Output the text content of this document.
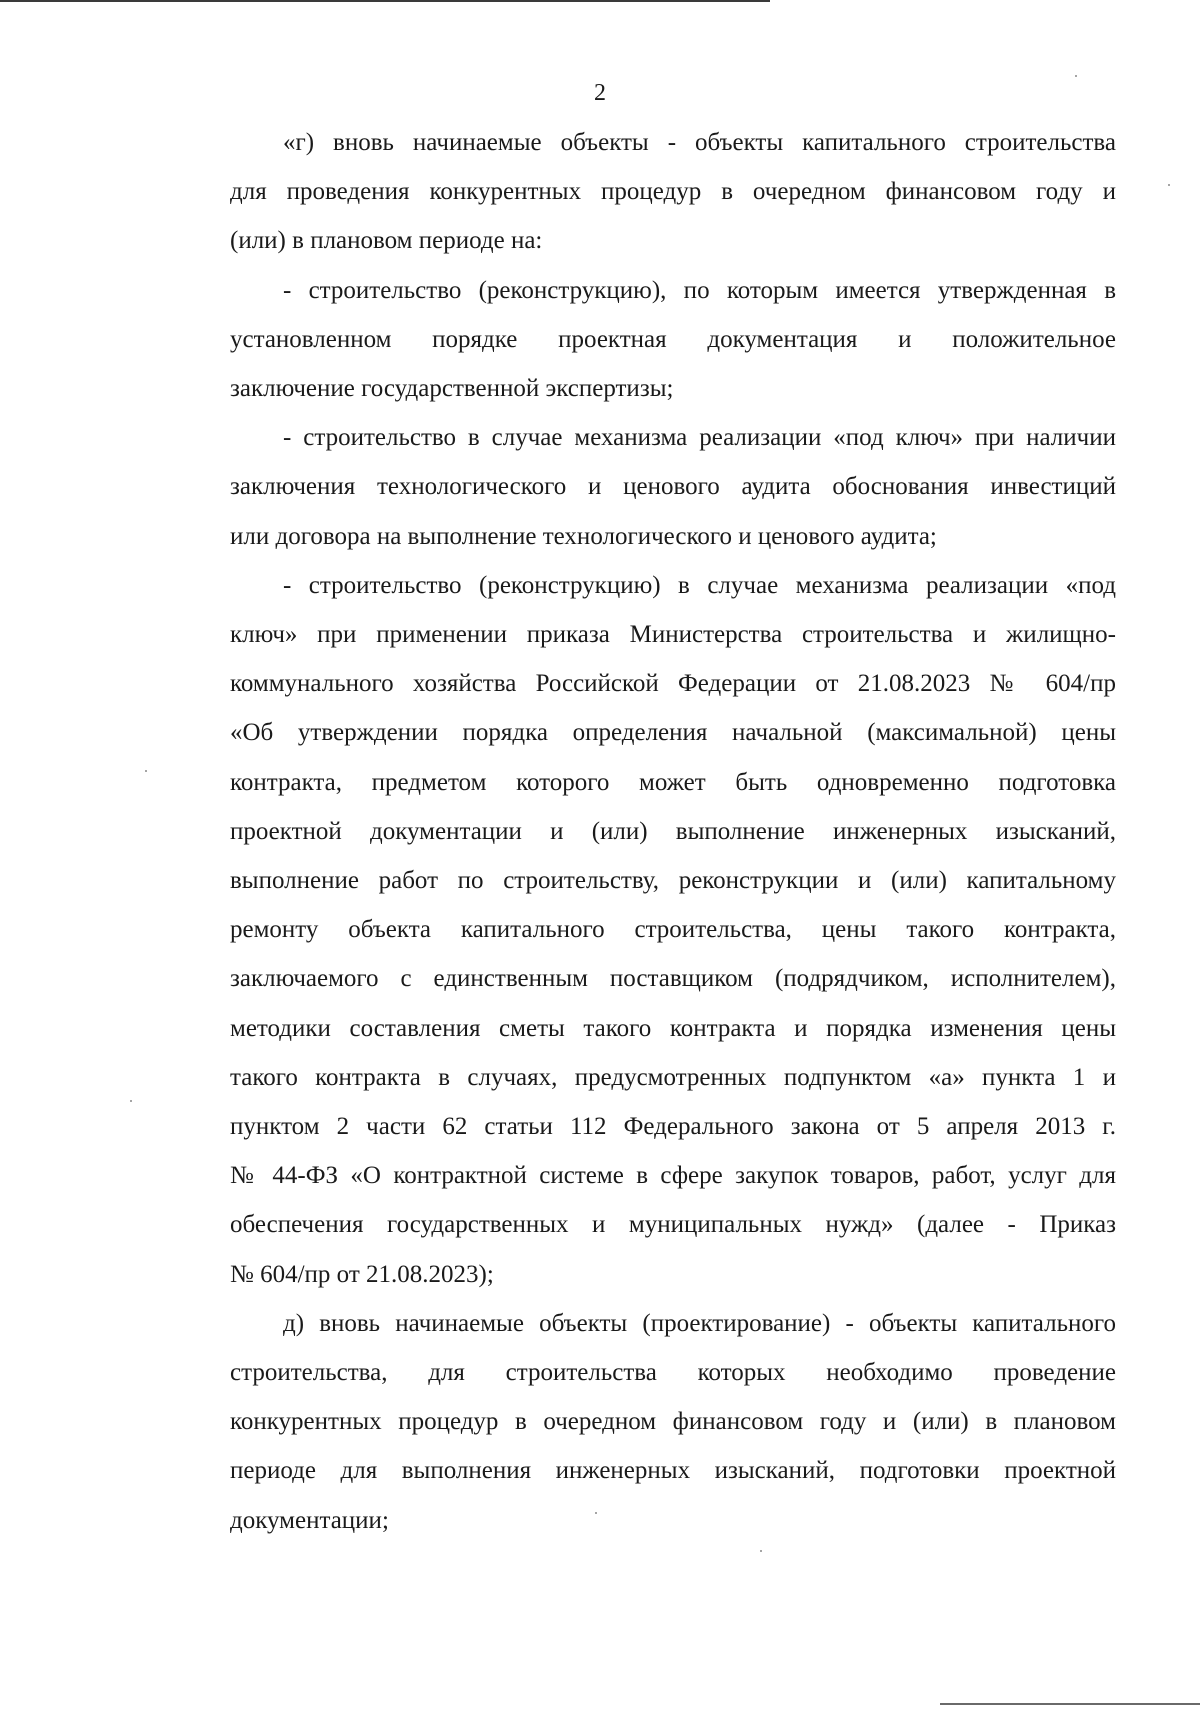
2
«г) вновь начинаемые объекты - объекты капитального строительства
для проведения конкурентных процедур в очередном финансовом году и
(или) в плановом периоде на:
- строительство (реконструкцию), по которым имеется утвержденная в
установленном порядке проектная документация и положительное
заключение государственной экспертизы;
- строительство в случае механизма реализации «под ключ» при наличии
заключения технологического и ценового аудита обоснования инвестиций
или договора на выполнение технологического и ценового аудита;
- строительство (реконструкцию) в случае механизма реализации «под
ключ» при применении приказа Министерства строительства и жилищно-
коммунального хозяйства Российской Федерации от 21.08.2023 № 604/пр
«Об утверждении порядка определения начальной (максимальной) цены
контракта, предметом которого может быть одновременно подготовка
проектной документации и (или) выполнение инженерных изысканий,
выполнение работ по строительству, реконструкции и (или) капитальному
ремонту объекта капитального строительства, цены такого контракта,
заключаемого с единственным поставщиком (подрядчиком, исполнителем),
методики составления сметы такого контракта и порядка изменения цены
такого контракта в случаях, предусмотренных подпунктом «а» пункта 1 и
пунктом 2 части 62 статьи 112 Федерального закона от 5 апреля 2013 г.
№ 44-ФЗ «О контрактной системе в сфере закупок товаров, работ, услуг для
обеспечения государственных и муниципальных нужд» (далее - Приказ
№ 604/пр от 21.08.2023);
д) вновь начинаемые объекты (проектирование) - объекты капитального
строительства, для строительства которых необходимо проведение
конкурентных процедур в очередном финансовом году и (или) в плановом
периоде для выполнения инженерных изысканий, подготовки проектной
документации;
